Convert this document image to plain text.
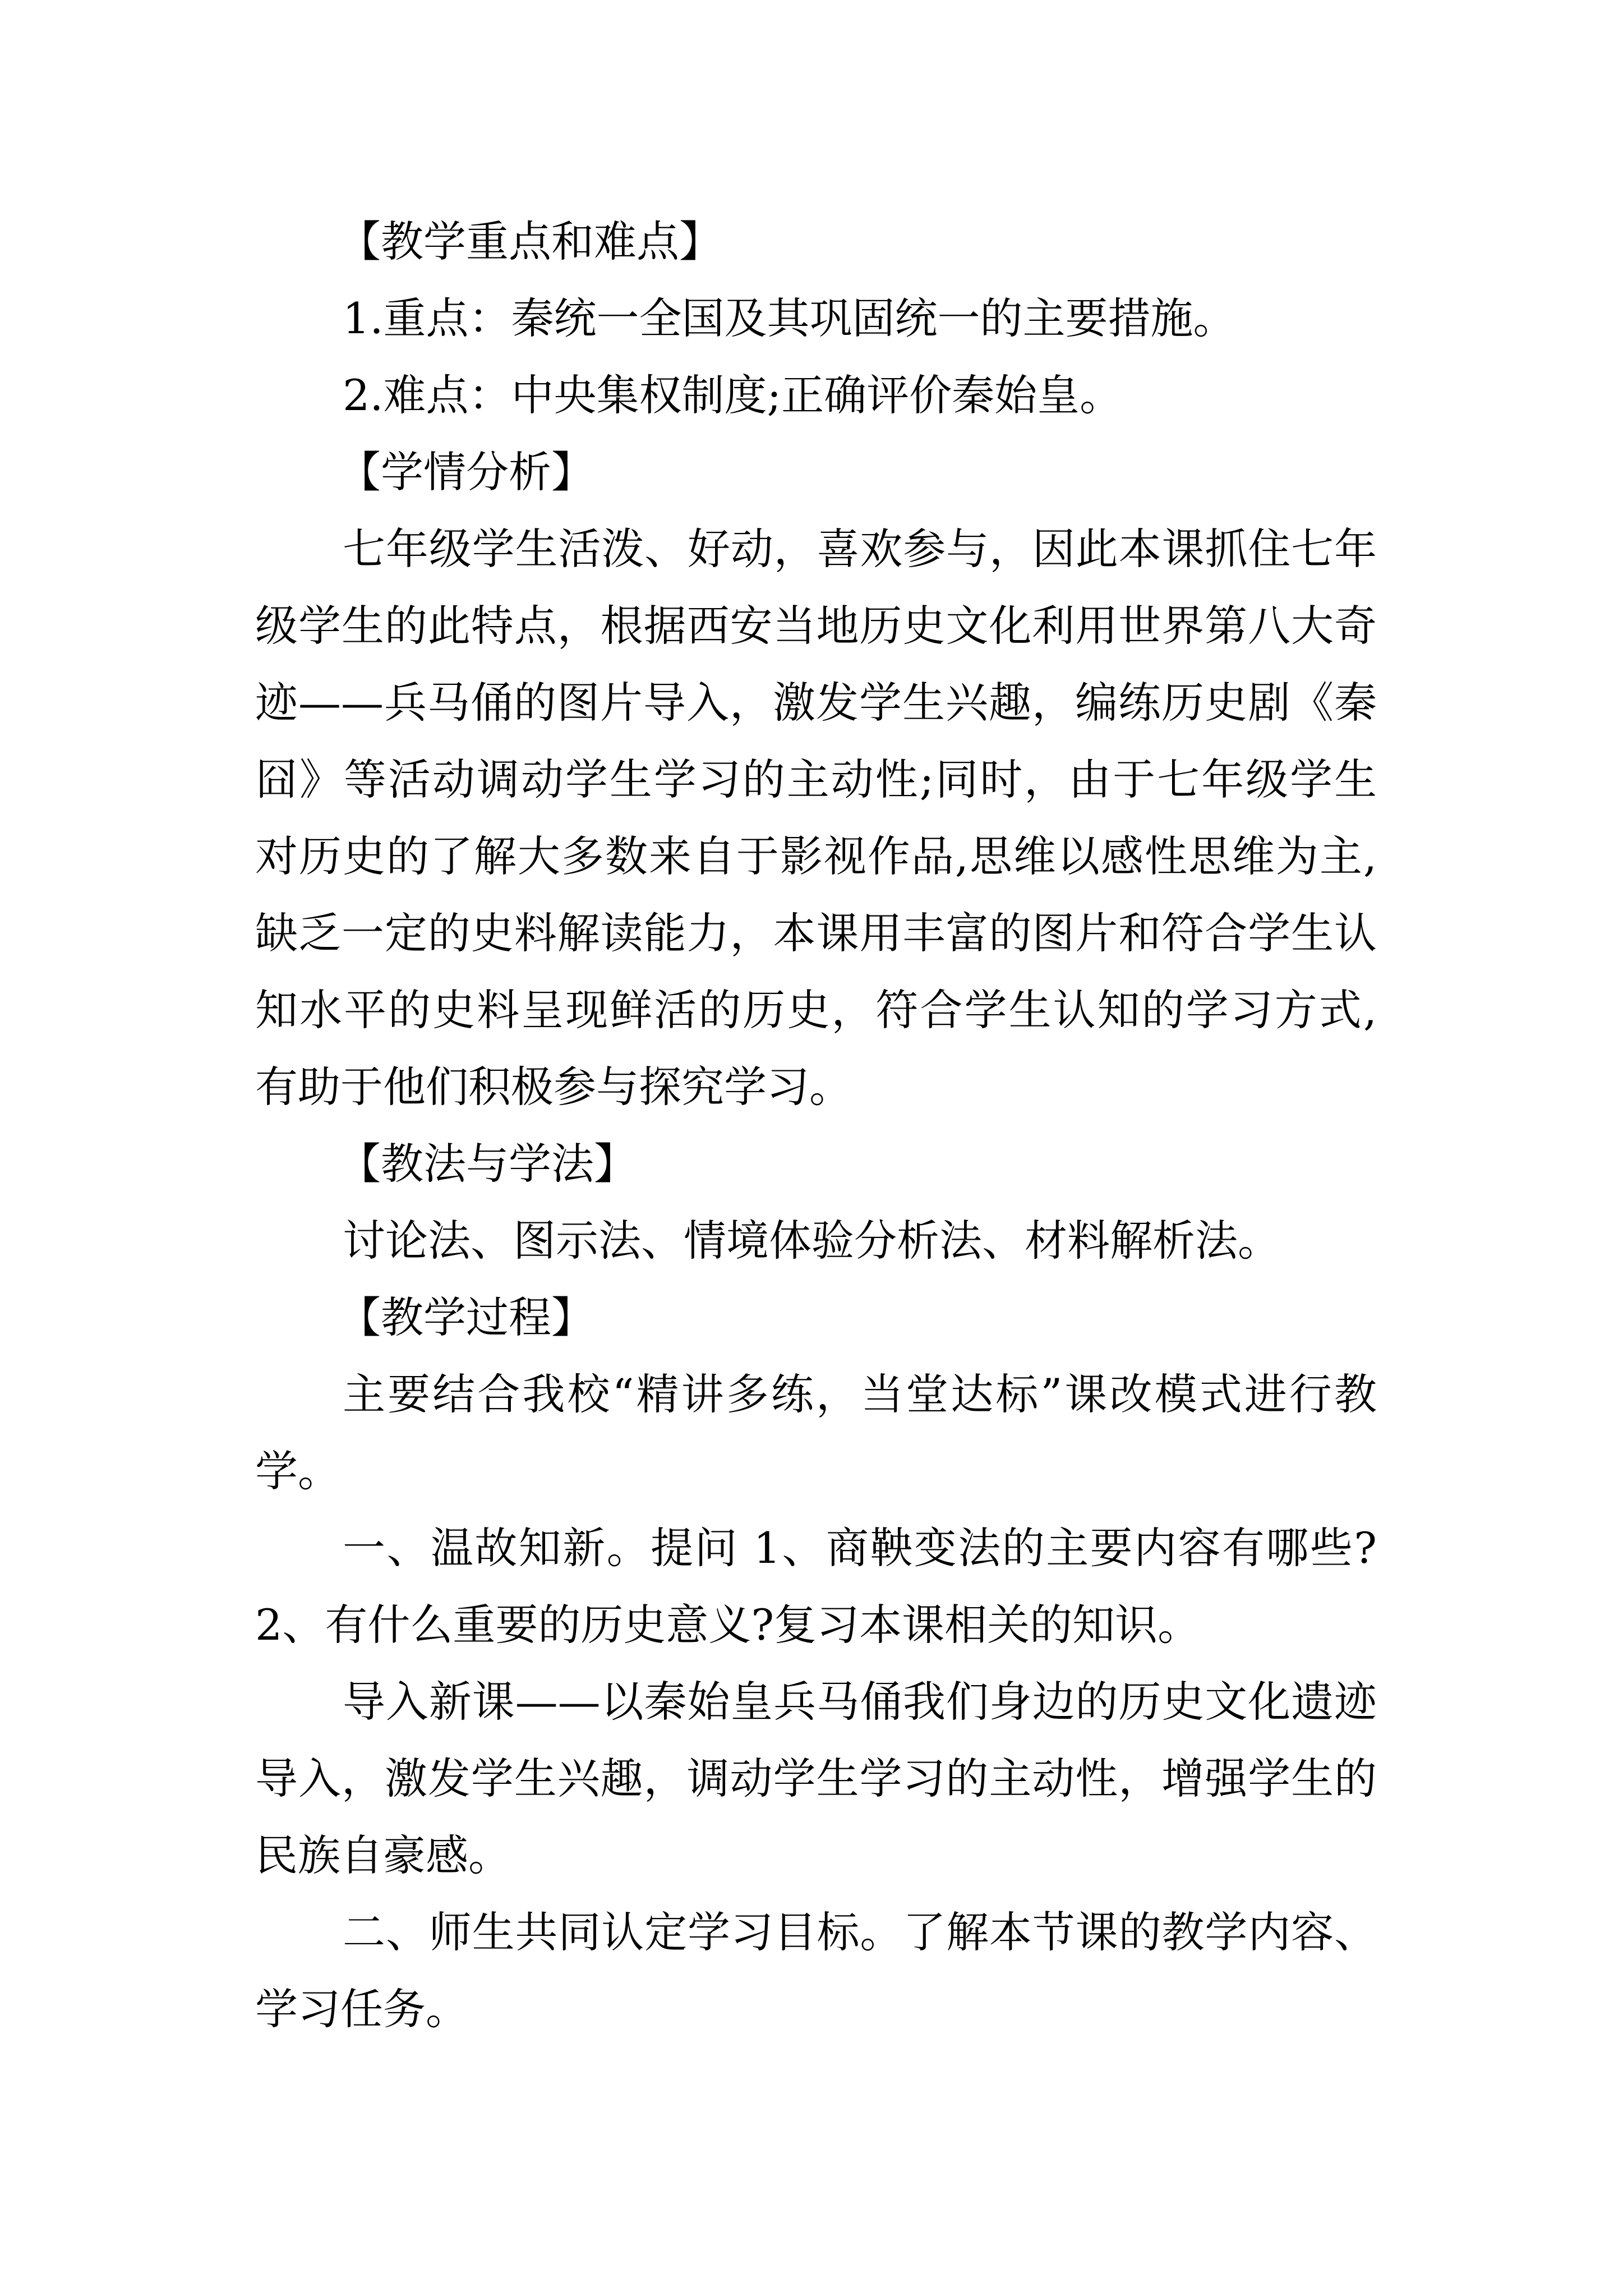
【教学重点和难点】

1.重点：秦统一全国及其巩固统一的主要措施。

2.难点：中央集权制度;正确评价秦始皇。

【学情分析】

七年级学生活泼、好动，喜欢参与，因此本课抓住七年级学生的此特点，根据西安当地历史文化利用世界第八大奇迹——兵马俑的图片导入，激发学生兴趣，编练历史剧《秦囧》等活动调动学生学习的主动性;同时，由于七年级学生对历史的了解大多数来自于影视作品,思维以感性思维为主,缺乏一定的史料解读能力，本课用丰富的图片和符合学生认知水平的史料呈现鲜活的历史，符合学生认知的学习方式,有助于他们积极参与探究学习。

【教法与学法】

讨论法、图示法、情境体验分析法、材料解析法。

【教学过程】

主要结合我校“精讲多练，当堂达标”课改模式进行教学。

一、温故知新。提问 1、商鞅变法的主要内容有哪些?2、有什么重要的历史意义?复习本课相关的知识。

导入新课——以秦始皇兵马俑我们身边的历史文化遗迹导入，激发学生兴趣，调动学生学习的主动性，增强学生的民族自豪感。

二、师生共同认定学习目标。了解本节课的教学内容、学习任务。
